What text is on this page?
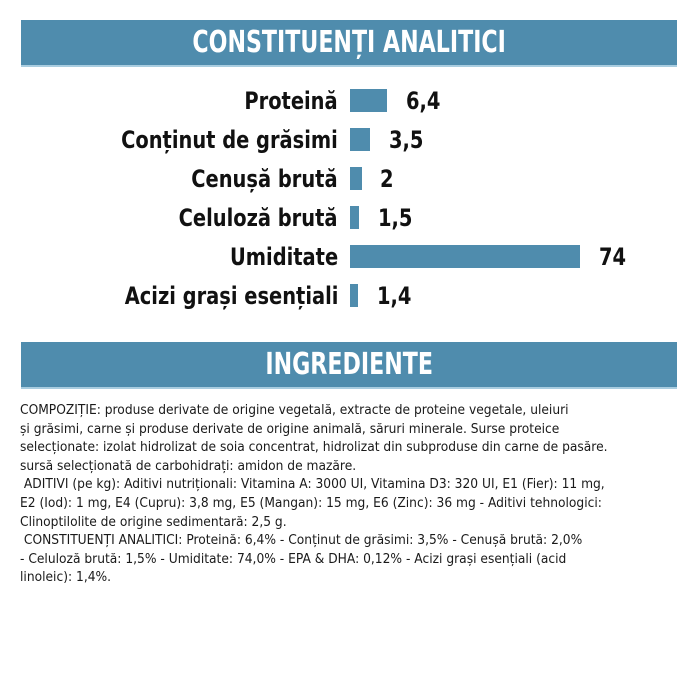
CONSTITUENȚI ANALITICI
Proteină	6,4
Conținut de grăsimi 3,5
Cenușă brută 2
Celuloză brută 1,5
Umiditate	74
Acizi grași esențiali 1,4
INGREDIENTE

COMPOZIȚIE: produse derivate de origine vegetală, extracte de proteine vegetale, uleiuri

și grăsimi, carne și produse derivate de origine animală, săruri minerale. Surse proteice

selecționate: izolat hidrolizat de soia concentrat, hidrolizat din subproduse din carne de pasăre.

sursă selecționată de carbohidrați: amidon de mazăre.

ADITIVI (pe kg): Aditivi nutriționali: Vitamina A: 3000 UI, Vitamina D3: 320 UI, E1 (Fier): 11 mg,

E2 (Iod): 1 mg, E4 (Cupru): 3,8 mg, E5 (Mangan): 15 mg, E6 (Zinc): 36 mg - Aditivi tehnologici:

Clinoptilolite de origine sedimentară: 2,5 g.

CONSTITUENȚI ANALITICI: Proteină: 6,4% - Conținut de grăsimi: 3,5% - Cenușă brută: 2,0%

- Celuloză brută: 1,5% - Umiditate: 74,0% - EPA & DHA: 0,12% - Acizi grași esențiali (acid

linoleic): 1,4%.
